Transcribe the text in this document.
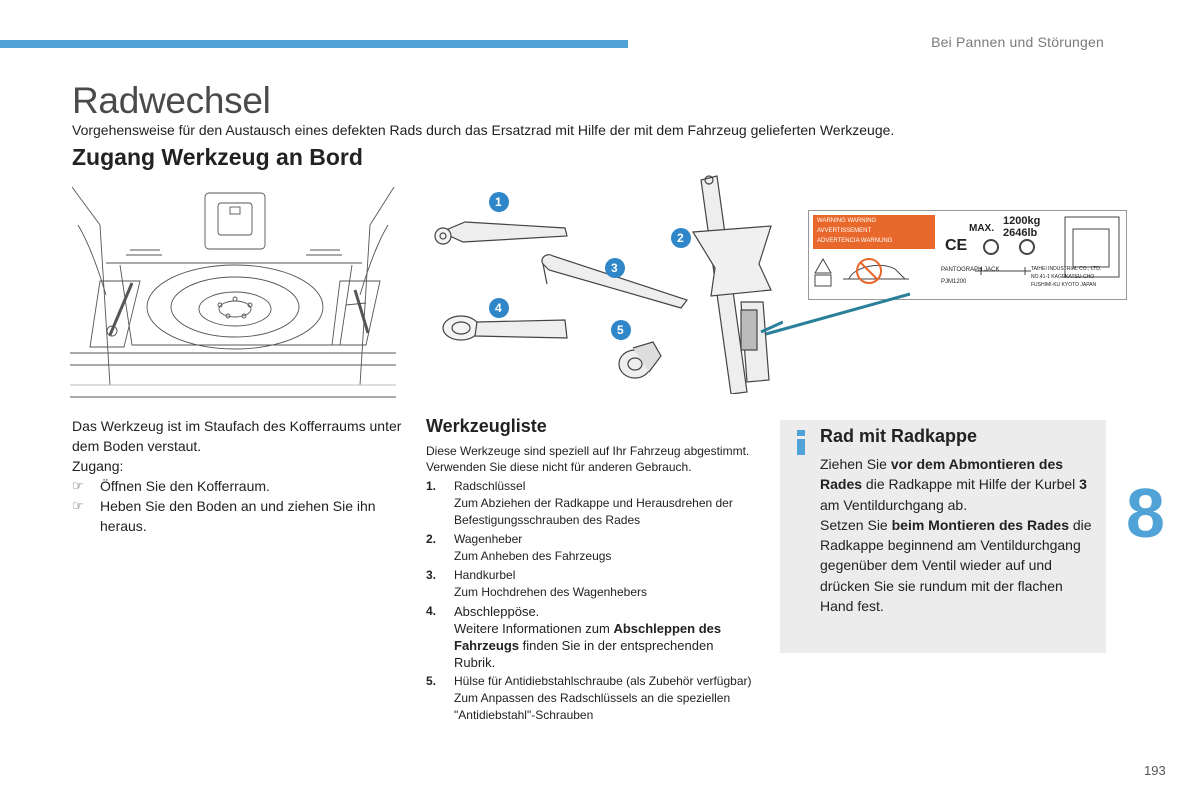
Bei Pannen und Störungen
8
193
Radwechsel
Vorgehensweise für den Austausch eines defekten Rads durch das Ersatzrad mit Hilfe der mit dem Fahrzeug gelieferten Werkzeuge.
Zugang Werkzeug an Bord
1
2
3
4
5
WARNING WARNING
AVVERTISSEMENT
ADVERTENCIA WARNUNG	CE
MAX.
1200kg
2646lb
PANTOGRAPH JACK
PJM1200
TAIHEI INDUSTRIAL CO., LTD.
NO.41-1 KAGEKATSU-CHO
FUSHIMI-KU KYOTO JAPAN

Das Werkzeug ist im Staufach des Kofferraums unter dem Boden verstaut.

Zugang:

☞	Öffnen Sie den Kofferraum.
☞	Heben Sie den Boden an und ziehen Sie ihn heraus.
Werkzeugliste
Diese Werkzeuge sind speziell auf Ihr Fahrzeug abgestimmt. Verwenden Sie diese nicht für anderen Gebrauch.
1.	Radschlüssel
Zum Abziehen der Radkappe und Herausdrehen der Befestigungsschrauben des Rades
2.	Wagenheber
Zum Anheben des Fahrzeugs
3.	Handkurbel
Zum Hochdrehen des Wagenhebers
4.	Abschleppöse.
Weitere Informationen zum Abschleppen des Fahrzeugs finden Sie in der entsprechenden Rubrik.
5.	Hülse für Antidiebstahlschraube (als Zubehör verfügbar)
Zum Anpassen des Radschlüssels an die speziellen "Antidiebstahl"-Schrauben
Rad mit Radkappe
Ziehen Sie vor dem Abmontieren des Rades die Radkappe mit Hilfe der Kurbel 3 am Ventildurchgang ab.
Setzen Sie beim Montieren des Rades die Radkappe beginnend am Ventildurchgang gegenüber dem Ventil wieder auf und drücken Sie sie rundum mit der flachen Hand fest.
